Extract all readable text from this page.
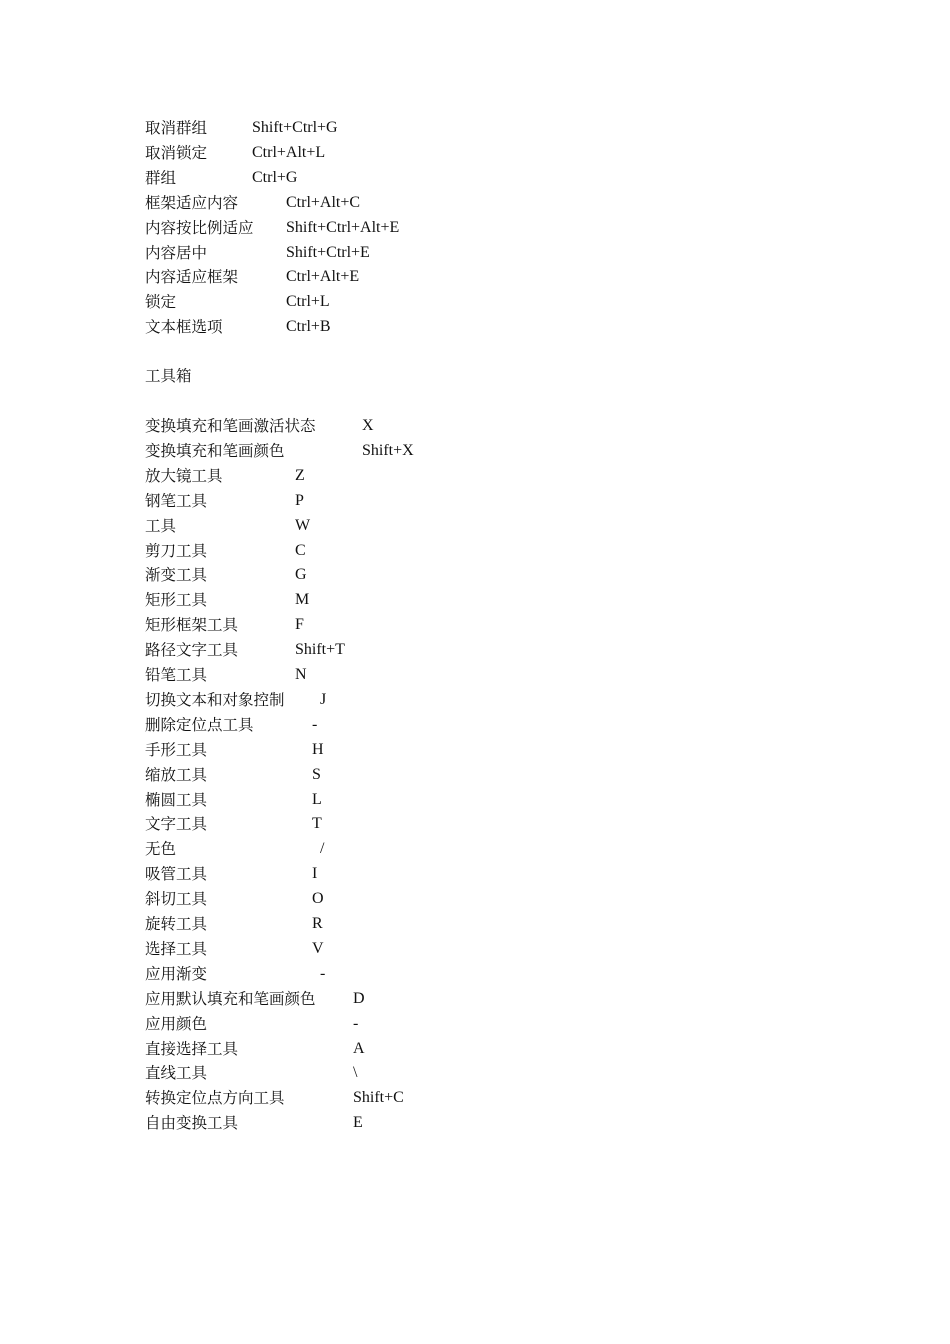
工具箱
取消群组	Shift+Ctrl+G
取消锁定	Ctrl+Alt+L
群组	Ctrl+G
框架适应内容	Ctrl+Alt+C
内容按比例适应 Shift+Ctrl+Alt+E
内容居中	Shift+Ctrl+E
内容适应框架	Ctrl+Alt+E
锁定	Ctrl+L
文本框选项	Ctrl+B
变换填充和笔画激活状态	X
变换填充和笔画颜色	Shift+X
放大镜工具	Z
钢笔工具	P
工具	W
剪刀工具	C
渐变工具	G
矩形工具	M
矩形框架工具	F
路径文字工具	Shift+T
铅笔工具	N
切换文本和对象控制 J
删除定位点工具	-
手形工具	H
缩放工具	S
椭圆工具	L
文字工具	T
无色	/
吸管工具	I
斜切工具	O
旋转工具	R
选择工具	V
应用渐变	-
应用默认填充和笔画颜色 D
应用颜色	-
直接选择工具	A
直线工具	\
转换定位点方向工具	Shift+C
自由变换工具	E
